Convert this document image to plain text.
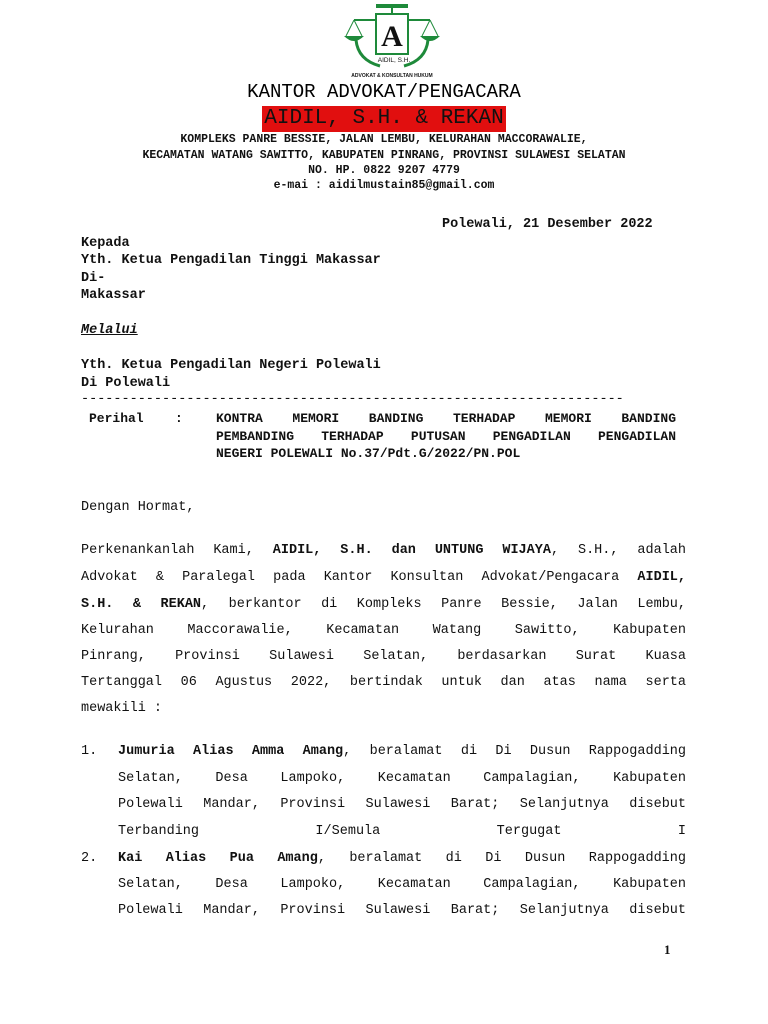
A
AIDIL, S.H.
ADVOKAT & KONSULTAN HUKUM
KANTOR ADVOKAT/PENGACARA
AIDIL, S.H. & REKAN
KOMPLEKS PANRE BESSIE, JALAN LEMBU, KELURAHAN MACCORAWALIE,
KECAMATAN WATANG SAWITTO, KABUPATEN PINRANG, PROVINSI SULAWESI SELATAN
NO. HP. 0822 9207 4779
e-mai : aidilmustain85@gmail.com
Polewali, 21 Desember 2022
Kepada
Yth. Ketua Pengadilan Tinggi Makassar
Di-
Makassar
Melalui
Yth. Ketua Pengadilan Negeri Polewali
Di Polewali
-------------------------------------------------------------------
Perihal :	KONTRA MEMORI BANDING TERHADAP MEMORI BANDING
PEMBANDING TERHADAP PUTUSAN PENGADILAN PENGADILAN
NEGERI POLEWALI No.37/Pdt.G/2022/PN.POL
Dengan Hormat,
Perkenankanlah Kami, AIDIL, S.H. dan UNTUNG WIJAYA, S.H., adalah
Advokat & Paralegal pada Kantor Konsultan Advokat/Pengacara AIDIL,
S.H. & REKAN, berkantor di Kompleks Panre Bessie, Jalan Lembu,
Kelurahan Maccorawalie, Kecamatan Watang Sawitto, Kabupaten
Pinrang, Provinsi Sulawesi Selatan, berdasarkan Surat Kuasa
Tertanggal 06 Agustus 2022, bertindak untuk dan atas nama serta
mewakili :
1. Jumuria Alias Amma Amang, beralamat di Di Dusun Rappogadding
Selatan, Desa Lampoko, Kecamatan Campalagian, Kabupaten
Polewali Mandar, Provinsi Sulawesi Barat; Selanjutnya disebut
Terbanding I/Semula Tergugat I
2. Kai Alias Pua Amang, beralamat di Di Dusun Rappogadding
Selatan, Desa Lampoko, Kecamatan Campalagian, Kabupaten
Polewali Mandar, Provinsi Sulawesi Barat; Selanjutnya disebut
1
